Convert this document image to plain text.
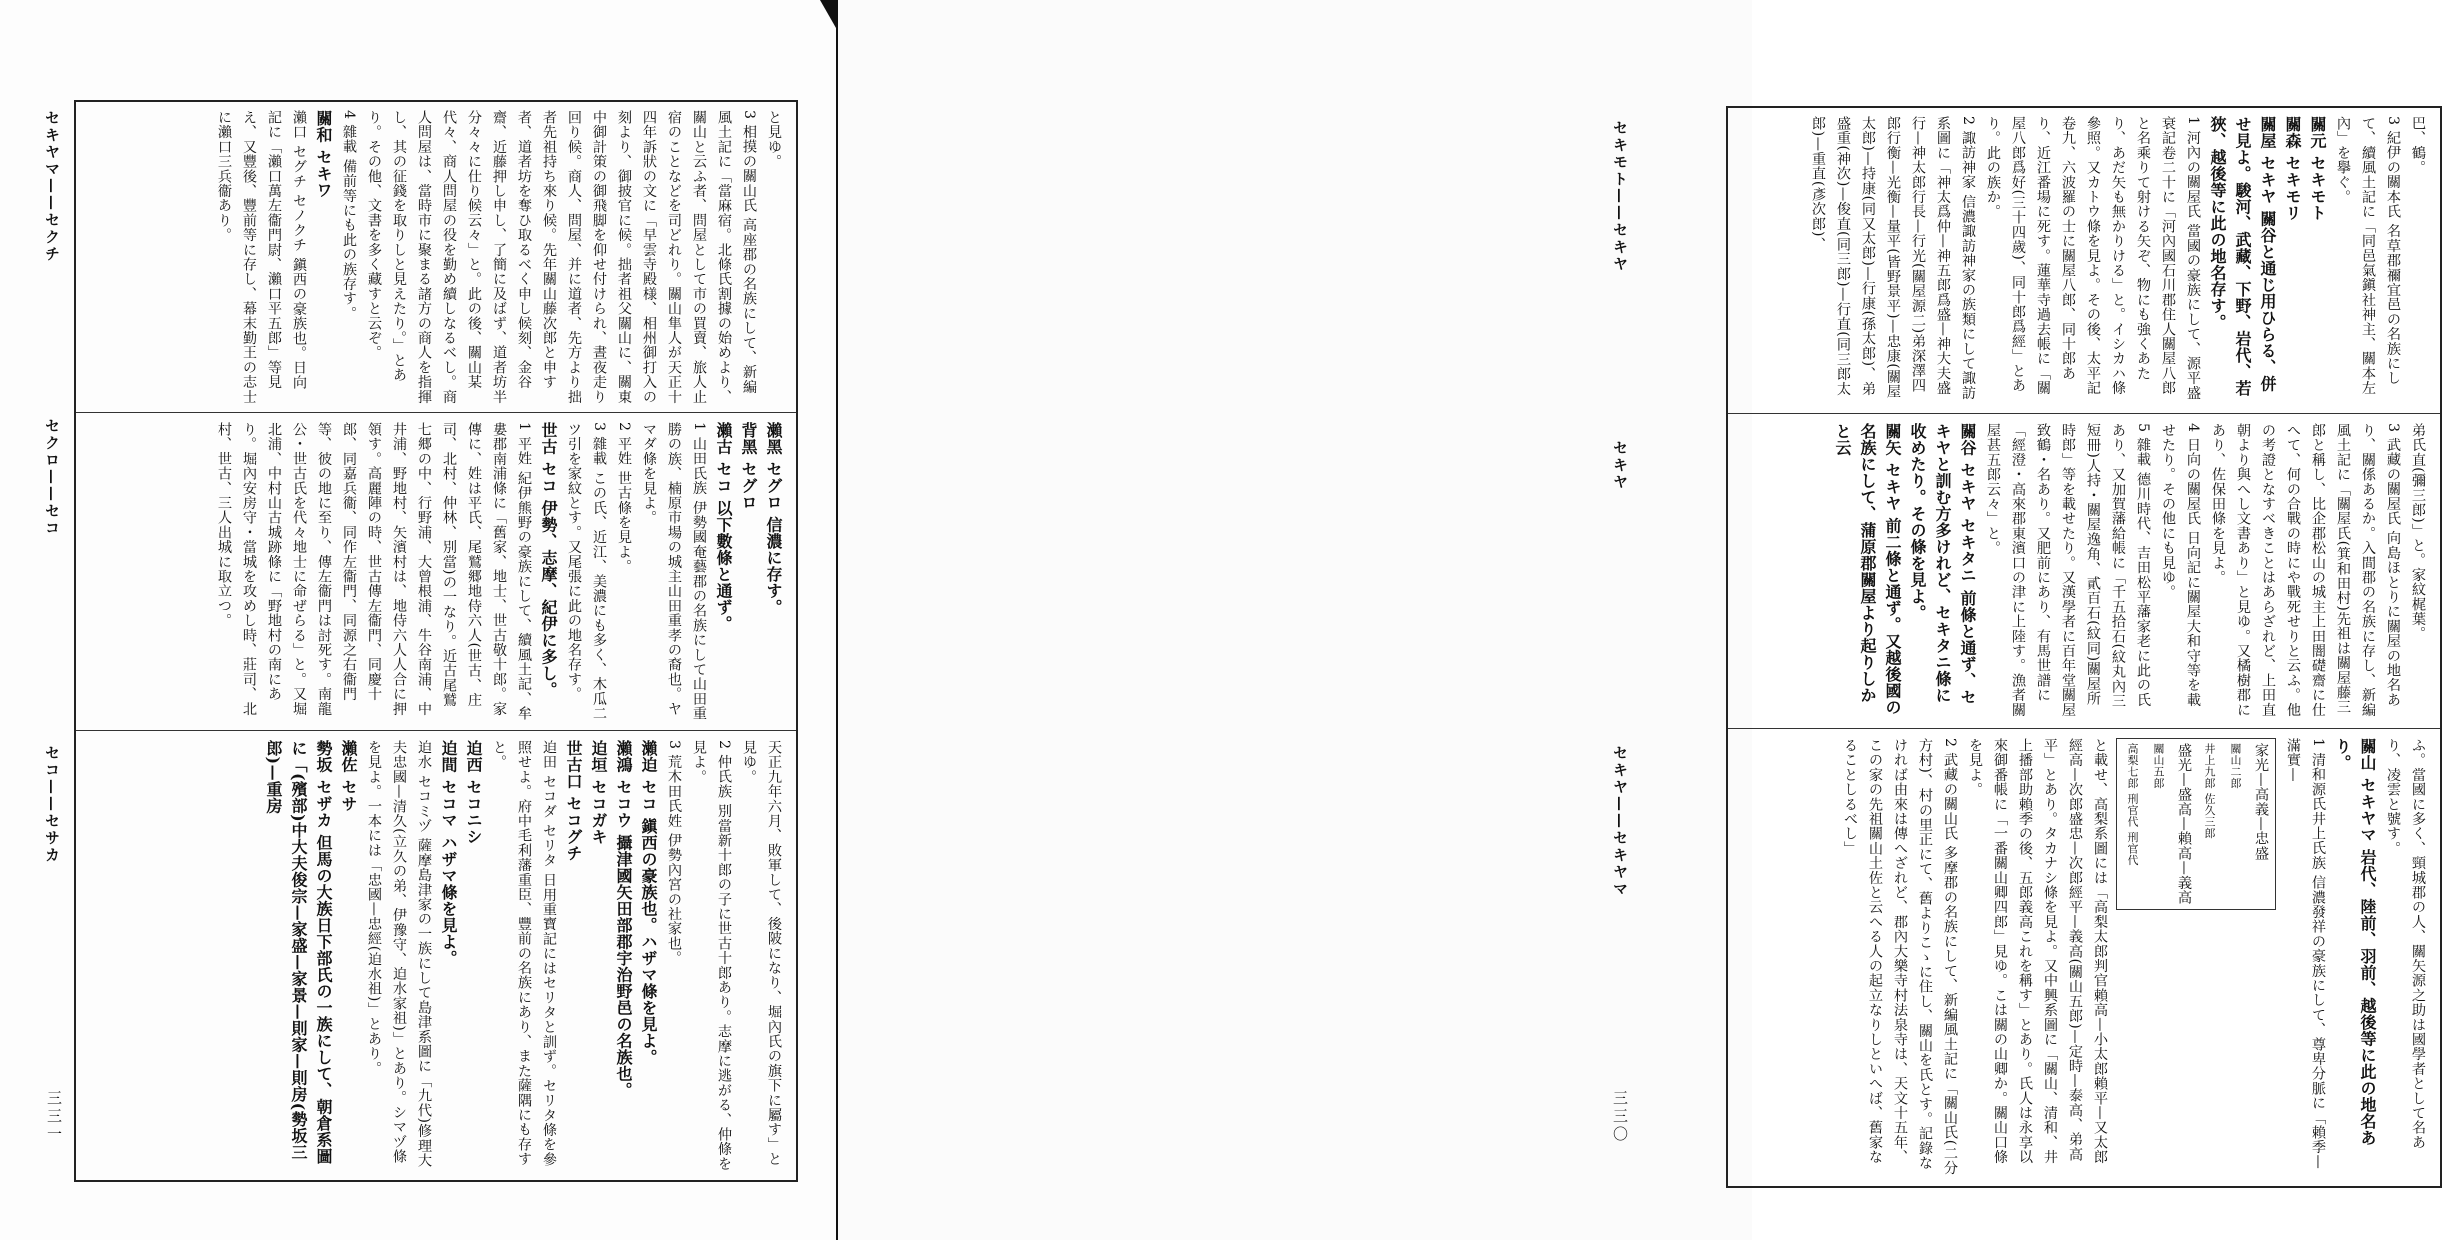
セキヤマ——セクチ
セクロ——セコ
セコ——セサカ
三三一

と見ゆ。

3 相摸の關山氏 高座郡の名族にして、新編風土記に「當麻宿。北條氏割據の始めより、關山と云ふ者、問屋として市の買賣、旅人止宿のことなどを司どれり。關山隼人が天正十四年訴狀の文に「早雲寺殿様、相州御打入の刻より、御披官に候。拙者祖父關山に、關東中御計策の御飛脚を仰せ付けられ、晝夜走り回り候。商人、問屋、并に道者、先方より拙者先祖持ち來り候。先年關山藤次郎と申す者、道者坊を奪ひ取るべく申し候刻、金谷齋、近藤押し申し、了簡に及ばず、道者坊半分々々に仕り候云々」と。此の後、關山某代々、商人問屋の役を勤め續しなるべし。商人問屋は、當時市に聚まる諸方の商人を指揮し、其の征錢を取りしと見えたり。」とあり。その他、文書を多く藏すと云ぞ。

4 雜載 備前等にも此の族存す。

關和 セキワ

瀨口 セグチ セノクチ 鎭西の豪族也。日向記に「瀨口萬左衞門尉、瀨口平五郎」等見え、又豐後、豐前等に存し、幕末勤王の志士に瀨口三兵衞あり。

瀨黑 セグロ 信濃に存す。

背黑 セグロ

瀨古 セコ 以下數條と通ず。

1 山田氏族 伊勢國奄藝郡の名族にして山田重勝の族、楠原市場の城主山田重孝の裔也。ヤマダ條を見よ。

2 平姓 世古條を見よ。

3 雜載 この氏、近江、美濃にも多く、木瓜二ツ引を家紋とす。又尾張に此の地名存す。

世古 セコ 伊勢、志摩、紀伊に多し。

1 平姓 紀伊熊野の豪族にして、續風土記、牟婁郡南浦條に「舊家、地士、世古敬十郎。家傳に、姓は平氏、尾鷲郷地侍六人(世古、庄司、北村、仲林、別當)の一なり。近古尾鷲七郷の中、行野浦、大曾根浦、牛谷南浦、中井浦、野地村、矢濱村は、地侍六人人合に押領す。高麗陣の時、世古傳左衞門、同慶十郎、同嘉兵衞、同作左衞門、同源之右衞門等、彼の地に至り、傳左衞門は討死す。南龍公・世古氏を代々地士に命ぜらる」と。又堀北浦、中村山古城跡條に「野地村の南にあり。堀內安房守・當城を攻めし時、莊司、北村、世古、三人出城に取立つ。

天正九年六月、敗軍して、後陂になり、堀內氏の旗下に屬す」と見ゆ。

2 仲氏族 別當新十郎の子に世古十郎あり。志摩に逃がる、仲條を見よ。

3 荒木田氏姓 伊勢內宮の社家也。

瀨迫 セコ 鎭西の豪族也。ハザマ條を見よ。

瀨鴻 セコウ 攝津國矢田部郡宇治野邑の名族也。

迫垣 セコガキ

世古口 セコグチ

迫田 セコダ セリタ 日用重寶記にはセリタと訓ず。セリタ條を參照せよ。府中毛利藩重臣、豐前の名族にあり、また薩隅にも存すと。

迫西 セコニシ

迫間 セコマ ハザマ條を見よ。

迫水 セコミヅ 薩摩島津家の一族にして島津系圖に「九代)修理大夫忠國—清久(立久の弟、伊豫守、迫水家祖)」とあり。シマヅ條を見よ。一本には「忠國—忠經(迫水祖)」とあり。

瀨佐 セサ

勢坂 セザカ 但馬の大族日下部氏の一族にして、朝倉系圖に「(殯部)中大夫俊宗—家盛—家景—則家—則房(勢坂三郎)—重房

巴、鶴。

3 紀伊の關本氏 名草郡禰宜邑の名族にして、續風土記に「同邑氣鎭社神主、關本左內」を擧ぐ。

關元 セキモト

關森 セキモリ

關屋 セキヤ 關谷と通じ用ひらる、併せ見よ。駿河、武藏、下野、岩代、若狹、越後等に此の地名存す。

1 河內の關屋氏 當國の豪族にして、源平盛衰記卷二十に「河內國石川郡住人關屋八郎と名乘りて射ける矢ぞ、物にも強くあたり、あだ矢も無かりける」と。イシカハ條參照。又カトウ條を見よ。その後、太平記卷九、六波羅の士に關屋八郎、同十郎あり、近江番場に死す。蓮華寺過去帳に「關屋八郎爲好(三十四歲)、同十郎爲經」とあり。此の族か。

2 諏訪神家 信濃諏訪神家の族類にして諏訪系圖に「神太爲仲—神五郎爲盛—神大夫盛行—神太郎行長—行光(關屋源二)弟深澤四郎行衡—光衡—量平(皆野景平)—忠康(關屋太郎)—持康(同又太郎)—行康(孫太郎)、弟盛重(神次)—俊直(同三郎)—行直(同三郎太郎)—重直(彥次郎)、

弟氏直(彌三郎)」と。家紋梶葉。

3 武藏の關屋氏 向島ほとりに關屋の地名あり、關係あるか。入間郡の名族に存し、新編風土記に「關屋氏(箕和田村)先祖は關屋藤三郎と稱し、比企郡松山の城主上田闇礎齋に仕へて、何の合戰の時にや戰死せりと云ふ。他の考證となすべきことはあらざれど、上田直朝より與へし文書あり」と見ゆ。又橘樹郡にあり、佐保田條を見よ。

4 日向の關屋氏 日向記に關屋大和守等を載せたり。その他にも見ゆ。

5 雜載 德川時代、吉田松平藩家老に此の氏あり、又加賀藩給帳に「千五拾石(紋丸內三短冊)人持・關屋逸角、貳百石(紋同)關屋所時郎」等を載せたり。又漢學者に百年堂關屋致鶴・名あり。又肥前にあり、有馬世譜に「經澄・高來郡東濱口の津に上陸す。漁者關屋甚五郎云々」と。

關谷 セキヤ セキタニ 前條と通ず、セキヤと訓む方多けれど、セキタニ條に收めたり。その條を見よ。

關矢 セキヤ 前二條と通ず。又越後國の名族にして、蒲原郡關屋より起りしかと云

ふ。當國に多く、頸城郡の人、關矢源之助は國學者として名あり、凌雲と號す。

關山 セキヤマ 岩代、陸前、羽前、越後等に此の地名あり。

1 清和源氏井上氏族 信濃發祥の豪族にして、尊卑分脈に「賴季—滿實—

家光—高義—忠盛
關山二郎
井上九郎 佐久三郎
盛光—盛高—賴高—義高
關山五郎
高梨七郎 刑官代 刑官代

と載せ、高梨系圖には「高梨太郎判官賴高—小太郎賴平—又太郎經高—次郎盛忠—次郎經平—義高(關山五郎)—定時—泰高、弟高平」とあり。タカナシ條を見よ。又中興系圖に「關山、清和、井上播部助賴季の後、五郎義高これを稱す」とあり。氏人は永享以來御番帳に「一番關山卿四郎」見ゆ。こは關の山卿か。關山口條を見よ。

2 武藏の關山氏 多摩郡の名族にして、新編風土記に「關山氏(二分方村)、村の里正にて、舊よりこゝに住し、關山を氏とす。記錄なければ由來は傳へざれど、郡內大樂寺村法泉寺は、天文十五年、この家の先祖關山土佐と云へる人の起立なりしといへば、舊家なることしるべし」

セキモト——セキヤ
セキヤ
セキヤ——セキヤマ
三三〇
